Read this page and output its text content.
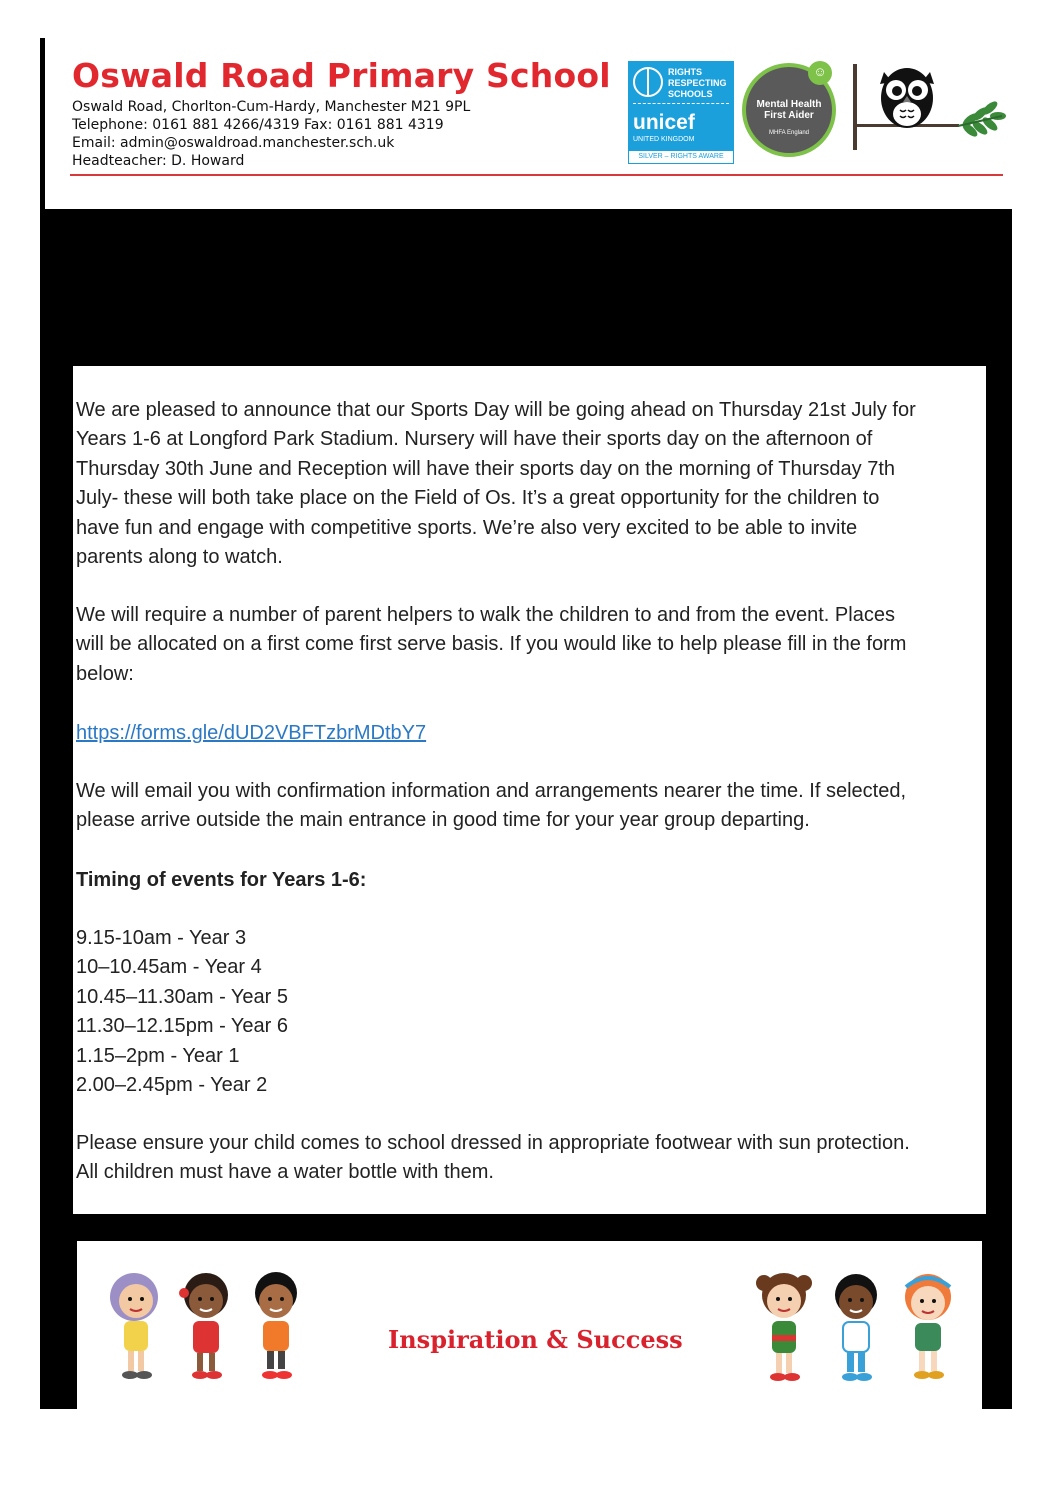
Oswald Road Primary School
Oswald Road, Chorlton-Cum-Hardy, Manchester M21 9PL
Telephone: 0161 881 4266/4319 Fax: 0161 881 4319
Email: admin@oswaldroad.manchester.sch.uk
Headteacher: D. Howard
RIGHTS RESPECTING SCHOOLS
unicef
UNITED KINGDOM
SILVER – RIGHTS AWARE
☺
Mental Health First Aider
MHFA England
We are pleased to announce that our Sports Day will be going ahead on Thursday 21st July for
Years 1-6 at Longford Park Stadium. Nursery will have their sports day on the afternoon of
Thursday 30th June and Reception will have their sports day on the morning of Thursday 7th
July- these will both take place on the Field of Os. It’s a great opportunity for the children to
have fun and engage with competitive sports. We’re also very excited to be able to invite
parents along to watch.
We will require a number of parent helpers to walk the children to and from the event. Places
will be allocated on a first come first serve basis. If you would like to help please fill in the form
below:
https://forms.gle/dUD2VBFTzbrMDtbY7
We will email you with confirmation information and arrangements nearer the time. If selected,
please arrive outside the main entrance in good time for your year group departing.
Timing of events for Years 1-6:
9.15-10am - Year 3
10–10.45am - Year 4
10.45–11.30am - Year 5
11.30–12.15pm - Year 6
1.15–2pm - Year 1
2.00–2.45pm - Year 2
Please ensure your child comes to school dressed in appropriate footwear with sun protection.
All children must have a water bottle with them.
Inspiration & Success
